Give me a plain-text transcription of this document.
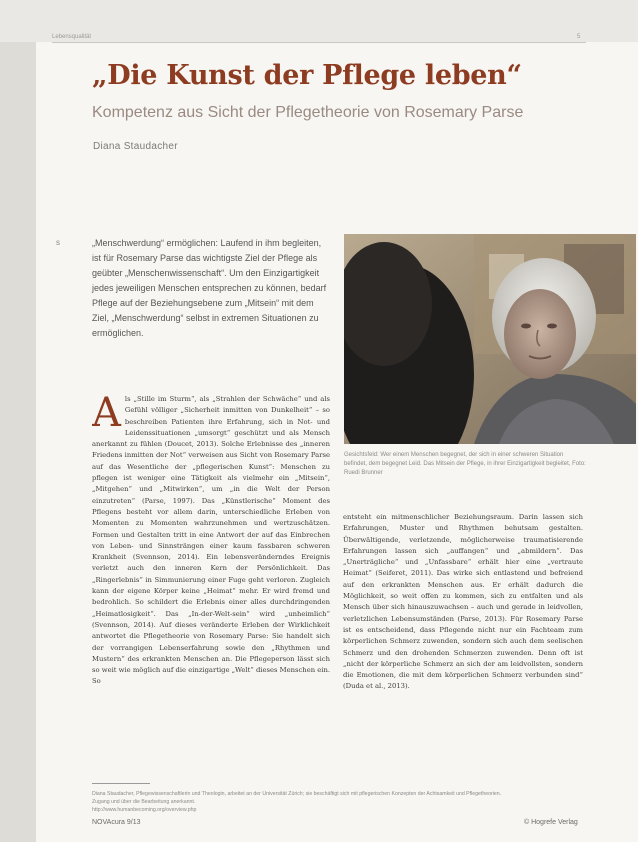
Lebensqualität	5
„Die Kunst der Pflege leben“
Kompetenz aus Sicht der Pflegetheorie von Rosemary Parse
Diana Staudacher
s	„Menschwerdung“ ermöglichen: Laufend in ihm begleiten, ist für Rosemary Parse das wichtigste Ziel der Pflege als geübter „Menschenwissenschaft“. Um den Einzigartigkeit jedes jeweiligen Menschen entsprechen zu können, bedarf Pflege auf der Beziehungsebene zum „Mitsein“ mit dem Ziel, „Menschwerdung“ selbst in extremen Situationen zu ermöglichen.

A ls „Stille im Sturm“, als „Strahlen der Schwäche“ und als Gefühl völliger „Sicherheit inmitten von Dunkelheit“ – so beschreiben Patienten ihre Erfahrung, sich in Not- und Leidenssituationen „umsorgt“ geschützt und als Mensch anerkannt zu fühlen (Doucet, 2013). Solche Erlebnisse des „inneren Friedens inmitten der Not“ verweisen aus Sicht von Rosemary Parse auf das Wesentliche der „pflegerischen Kunst“: Menschen zu pflegen ist weniger eine Tätigkeit als vielmehr ein „Mitsein“, „Mitgehen“ und „Mitwirken“, um „in die Welt der Person einzutreten“ (Parse, 1997). Das „Künstlerische“ Moment des Pflegens besteht vor allem darin, unterschiedliche Erleben von Momenten zu Momenten wahrzunehmen und wertzuschätzen. Formen und Gestalten tritt in eine Antwort der auf das Einbrechen von Leben- und Sinnsträngen einer kaum fassbaren schweren Krankheit (Svennson, 2014). Ein lebensveränderndes Ereignis verletzt auch den inneren Kern der Persönlichkeit. Das „Ringerlebnis“ in Simmunierung einer Fuge geht verloren. Zugleich kann der eigene Körper keine „Heimat“ mehr. Er wird fremd und bedrohlich. So schildert die Erlebnis einer alles durchdringenden „Heimatlosigkeit“. Das „In-der-Welt-sein“ wird „unheimlich“ (Svennson, 2014). Auf dieses veränderte Erleben der Wirklichkeit antwortet die Pflegetheorie von Rosemary Parse: Sie handelt sich der vorrangigen Lebenserfahrung sowie den „Rhythmen und Mustern“ des erkrankten Menschen an. Die Pflegeperson lässt sich so weit wie möglich auf die einzigartige „Welt“ dieses Menschen ein. So

Gesichtsfeld: Wer einem Menschen begegnet, der sich in einer schweren Situation befindet, dem begegnet Leid. Das Mitsein der Pflege, in ihrer Einzigartigkeit begleitet, Foto: Ruedi Brunner

entsteht ein mitmenschlicher Beziehungsraum. Darin lassen sich Erfahrungen, Muster und Rhythmen behutsam gestalten. Überwältigende, verletzende, möglicherweise traumatisierende Erfahrungen lassen sich „auffangen“ und „abmildern“. Das „Unerträgliche“ und „Unfassbare“ erhält hier eine „vertraute Heimat“ (Seiferet, 2011). Das wirke sich entlastend und befreiend auf den erkrankten Menschen aus. Er erhält dadurch die Möglichkeit, so weit offen zu kommen, sich zu entfalten und als Mensch über sich hinauszuwachsen – auch und gerade in leidvollen, verletzlichen Lebensumständen (Parse, 2013). Für Rosemary Parse ist es entscheidend, dass Pflegende nicht nur ein Fachteam zum körperlichen Schmerz zuwenden, sondern sich auch dem seelischen Schmerz und den drohenden Schmerzen zuwenden. Denn oft ist „nicht der körperliche Schmerz an sich der am leidvollsten, sondern die Emotionen, die mit dem körperlichen Schmerz verbunden sind“ (Duda et al., 2013).

Diana Staudacher, Pflegewissenschaftlerin und Theologin, arbeitet an der Universität Zürich; sie beschäftigt sich mit pflegerischen Konzepten der Achtsamkeit und Pflegetheorien.
Zugang und über die Bearbeitung anerkannt.
http://www.humanbecoming.org/overview.php
NOVAcura 9/13	© Hogrefe Verlag
